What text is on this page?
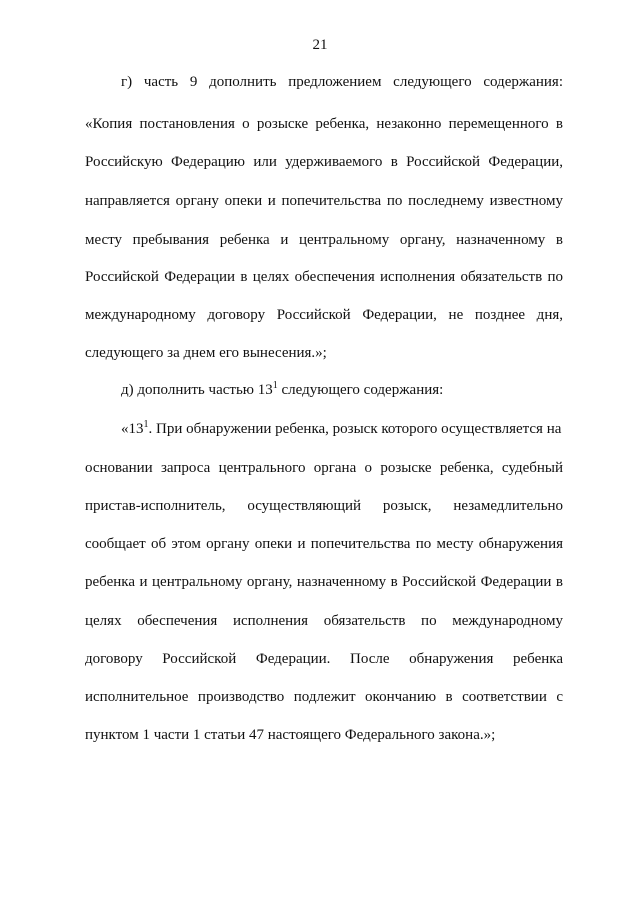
21
г) часть 9 дополнить предложением следующего содержания:
«Копия постановления о розыске ребенка, незаконно перемещенного в
Российскую Федерацию или удерживаемого в Российской Федерации,
направляется органу опеки и попечительства по последнему известному
месту пребывания ребенка и центральному органу, назначенному в
Российской Федерации в целях обеспечения исполнения обязательств по
международному договору Российской Федерации, не позднее дня,
следующего за днем его вынесения.»;
д) дополнить частью $13^1$ следующего содержания:
«$13^1$. При обнаружении ребенка, розыск которого осуществляется на
основании запроса центрального органа о розыске ребенка, судебный
пристав-исполнитель, осуществляющий розыск, незамедлительно
сообщает об этом органу опеки и попечительства по месту обнаружения
ребенка и центральному органу, назначенному в Российской Федерации в
целях обеспечения исполнения обязательств по международному
договору Российской Федерации. После обнаружения ребенка
исполнительное производство подлежит окончанию в соответствии с
пунктом 1 части 1 статьи 47 настоящего Федерального закона.»;
